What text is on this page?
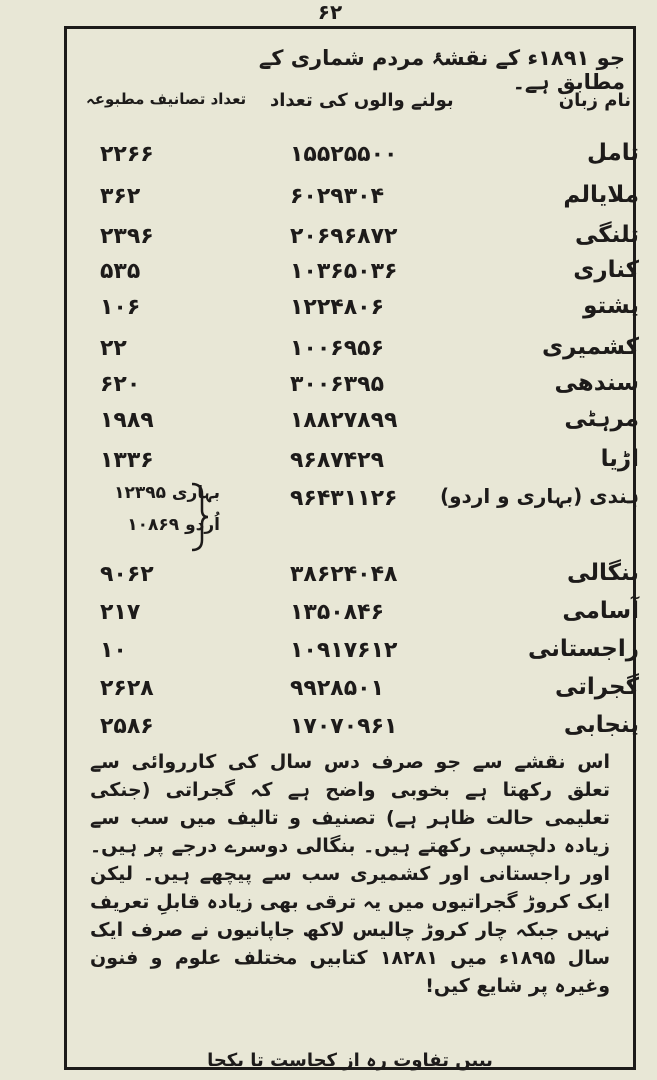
۶۲
جو ۱۸۹۱ء کے نقشۂ مردم شماری کے مطابق ہے۔
نام زبان
بولنے والوں کی تعداد
تعداد تصانیف مطبوعہ
تامل
۱۵۵۲۵۵۰۰
۲۲۶۶
ملایالم
۶۰۲۹۳۰۴
۳۶۲
تلنگی
۲۰۶۹۶۸۷۲
۲۳۹۶
کناری
۱۰۳۶۵۰۳۶
۵۳۵
پشتو
۱۲۲۴۸۰۶
۱۰۶
کشمیری
۱۰۰۶۹۵۶
۲۲
سندھی
۳۰۰۶۳۹۵
۶۲۰
مرہٹی
۱۸۸۲۷۸۹۹
۱۹۸۹
اڑیا
۹۶۸۷۴۲۹
۱۳۳۶
ہندی (بہاری و اردو)
۹۶۴۳۱۱۲۶
بہاری ۱۲۳۹۵
اُردو ۱۰۸۶۹
بنگالی
۳۸۶۲۴۰۴۸
۹۰۶۲
آسامی
۱۳۵۰۸۴۶
۲۱۷
راجستانی
۱۰۹۱۷۶۱۲
۱۰
گجراتی
۹۹۲۸۵۰۱
۲۶۲۸
پنجابی
۱۷۰۷۰۹۶۱
۲۵۸۶
اس نقشے سے جو صرف دس سال کی کارروائی سے تعلق رکھتا ہے بخوبی واضح ہے کہ گجراتی (جنکی تعلیمی حالت ظاہر ہے) تصنیف و تالیف میں سب سے زیادہ دلچسپی رکھتے ہیں۔ بنگالی دوسرے درجے پر ہیں۔ اور راجستانی اور کشمیری سب سے پیچھے ہیں۔ لیکن ایک کروڑ گجراتیوں میں یہ ترقی بھی زیادہ قابلِ تعریف نہیں جبکہ چار کروڑ چالیس لاکھ جاپانیوں نے صرف ایک سال ۱۸۹۵ء میں ۱۸۲۸۱ کتابیں مختلف علوم و فنون وغیرہ پر شایع کیں!
ببیں تفاوتِ رہ از کجاست تا بکجا
